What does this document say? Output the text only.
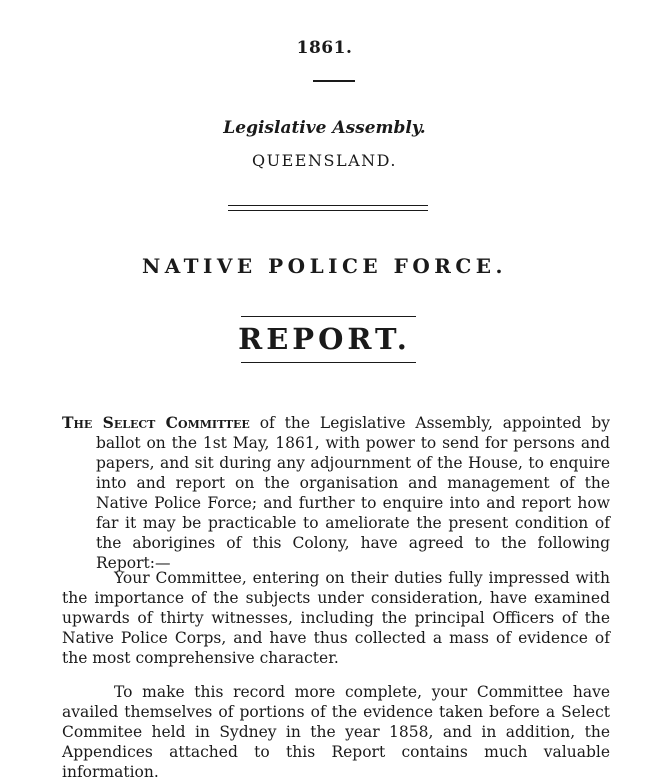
1861.
Legislative Assembly.
QUEENSLAND.
NATIVE POLICE FORCE.
REPORT.

The Select Committee of the Legislative Assembly, appointed by ballot on the 1st May, 1861, with power to send for persons and papers, and sit during any adjournment of the House, to enquire into and report on the organisation and management of the Native Police Force; and further to enquire into and report how far it may be practicable to ameliorate the present condition of the aborigines of this Colony, have agreed to the following Report:—

Your Committee, entering on their duties fully impressed with the importance of the subjects under consideration, have examined upwards of thirty witnesses, including the principal Officers of the Native Police Corps, and have thus collected a mass of evidence of the most comprehensive character.

To make this record more complete, your Committee have availed themselves of portions of the evidence taken before a Select Commitee held in Sydney in the year 1858, and in addition, the Appendices attached to this Report contains much valuable information.
